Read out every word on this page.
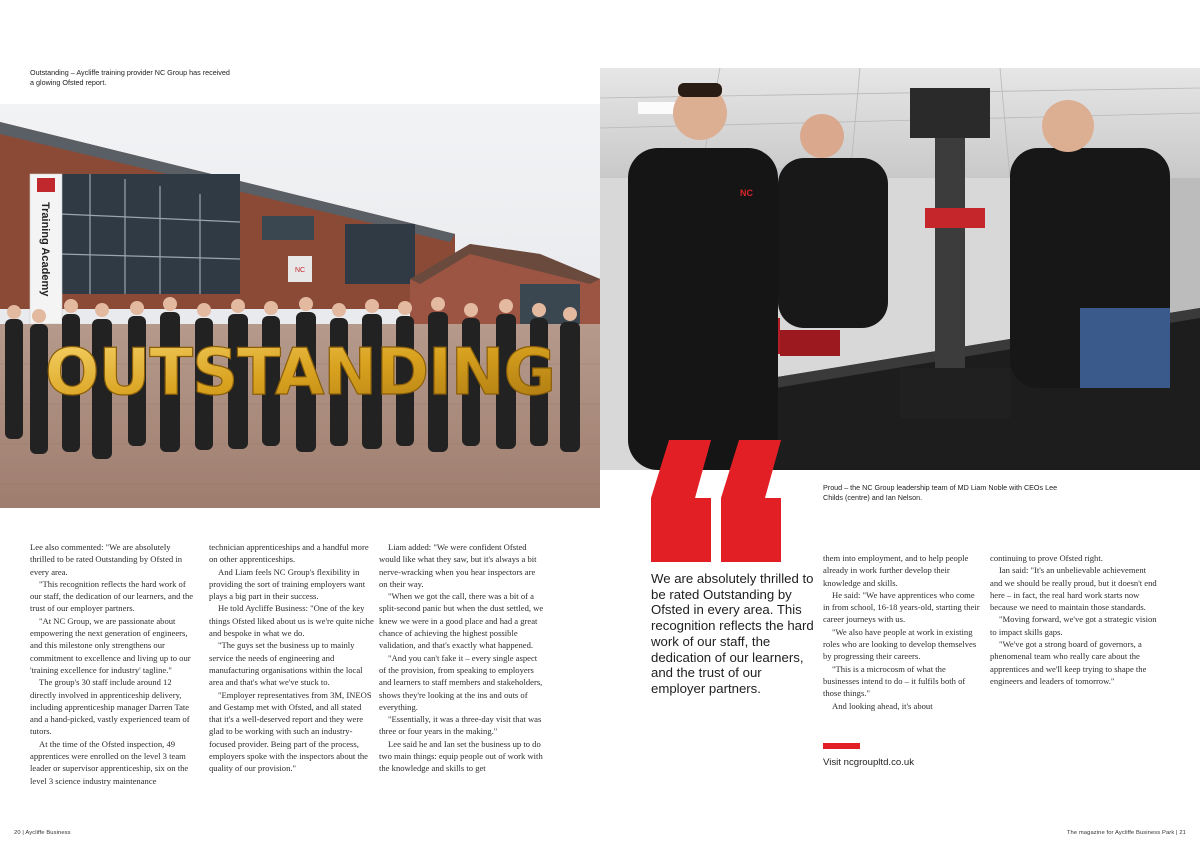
Outstanding – Aycliffe training provider NC Group has received a glowing Ofsted report.
NC
Training Academy
OUTSTANDING

Lee also commented: "We are absolutely thrilled to be rated Outstanding by Ofsted in every area.

"This recognition reflects the hard work of our staff, the dedication of our learners, and the trust of our employer partners.

"At NC Group, we are passionate about empowering the next generation of engineers, and this milestone only strengthens our commitment to excellence and living up to our 'training excellence for industry' tagline."

The group's 30 staff include around 12 directly involved in apprenticeship delivery, including apprenticeship manager Darren Tate and a hand-picked, vastly experienced team of tutors.

At the time of the Ofsted inspection, 49 apprentices were enrolled on the level 3 team leader or supervisor apprenticeship, six on the level 3 science industry maintenance

technician apprenticeships and a handful more on other apprenticeships.

And Liam feels NC Group's flexibility in providing the sort of training employers want plays a big part in their success.

He told Aycliffe Business: "One of the key things Ofsted liked about us is we're quite niche and bespoke in what we do.

"The guys set the business up to mainly service the needs of engineering and manufacturing organisations within the local area and that's what we've stuck to.

"Employer representatives from 3M, INEOS and Gestamp met with Ofsted, and all stated that it's a well-deserved report and they were glad to be working with such an industry-focused provider. Being part of the process, employers spoke with the inspectors about the quality of our provision."

Liam added: "We were confident Ofsted would like what they saw, but it's always a bit nerve-wracking when you hear inspectors are on their way.

"When we got the call, there was a bit of a split-second panic but when the dust settled, we knew we were in a good place and had a great chance of achieving the highest possible validation, and that's exactly what happened.

"And you can't fake it – every single aspect of the provision, from speaking to employers and learners to staff members and stakeholders, shows they're looking at the ins and outs of everything.

"Essentially, it was a three-day visit that was three or four years in the making."

Lee said he and Ian set the business up to do two main things: equip people out of work with the knowledge and skills to get

20 | Aycliffe Business
NC
Proud – the NC Group leadership team of MD Liam Noble with CEOs Lee Childs (centre) and Ian Nelson.
We are absolutely thrilled to be rated Outstanding by Ofsted in every area. This recognition reflects the hard work of our staff, the dedication of our learners, and the trust of our employer partners.

them into employment, and to help people already in work further develop their knowledge and skills.

He said: "We have apprentices who come in from school, 16-18 years-old, starting their career journeys with us.

"We also have people at work in existing roles who are looking to develop themselves by progressing their careers.

"This is a microcosm of what the businesses intend to do – it fulfils both of those things."

And looking ahead, it's about

continuing to prove Ofsted right.

Ian said: "It's an unbelievable achievement and we should be really proud, but it doesn't end here – in fact, the real hard work starts now because we need to maintain those standards.

"Moving forward, we've got a strategic vision to impact skills gaps.

"We've got a strong board of governors, a phenomenal team who really care about the apprentices and we'll keep trying to shape the engineers and leaders of tomorrow."

Visit ncgroupltd.co.uk
The magazine for Aycliffe Business Park | 21
